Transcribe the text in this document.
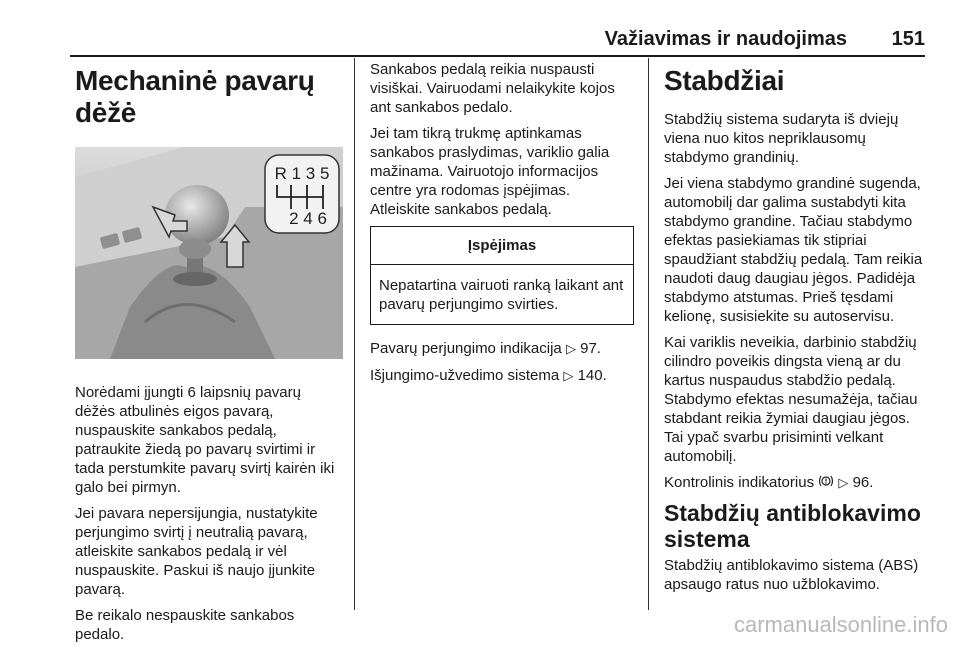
Važiavimas ir naudojimas 151
Mechaninė pavarų dėžė
R 1 3 5
2 4 6

Norėdami įjungti 6 laipsnių pavarų dėžės atbulinės eigos pavarą, nuspauskite sankabos pedalą, patraukite žiedą po pavarų svirtimi ir tada perstumkite pavarų svirtį kairėn iki galo bei pirmyn.

Jei pavara nepersijungia, nustatykite perjungimo svirtį į neutralią pavarą, atleiskite sankabos pedalą ir vėl nuspauskite. Paskui iš naujo įjunkite pavarą.

Be reikalo nespauskite sankabos pedalo.

Sankabos pedalą reikia nuspausti visiškai. Vairuodami nelaikykite kojos ant sankabos pedalo.

Jei tam tikrą trukmę aptinkamas sankabos praslydimas, variklio galia mažinama. Vairuotojo informacijos centre yra rodomas įspėjimas. Atleiskite sankabos pedalą.

Įspėjimas
Nepatartina vairuoti ranką laikant ant pavarų perjungimo svirties.

Pavarų perjungimo indikacija ▷ 97.

Išjungimo-užvedimo sistema ▷ 140.

Stabdžiai

Stabdžių sistema sudaryta iš dviejų viena nuo kitos nepriklausomų stabdymo grandinių.

Jei viena stabdymo grandinė sugenda, automobilį dar galima sustabdyti kita stabdymo grandine. Tačiau stabdymo efektas pasiekiamas tik stipriai spaudžiant stabdžių pedalą. Tam reikia naudoti daug daugiau jėgos. Padidėja stabdymo atstumas. Prieš tęsdami kelionę, susisiekite su autoservisu.

Kai variklis neveikia, darbinio stabdžių cilindro poveikis dingsta vieną ar du kartus nuspaudus stabdžio pedalą. Stabdymo efektas nesumažėja, tačiau stabdant reikia žymiai daugiau jėgos. Tai ypač svarbu prisiminti velkant automobilį.

Kontrolinis indikatorius ▷ 96.

Stabdžių antiblokavimo sistema

Stabdžių antiblokavimo sistema (ABS) apsaugo ratus nuo užblokavimo.

carmanualsonline.info
